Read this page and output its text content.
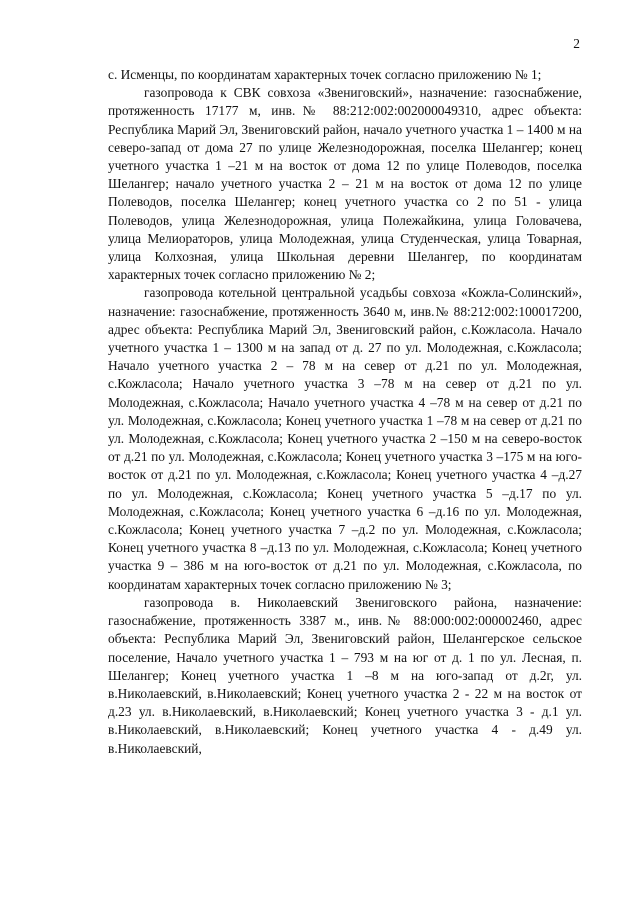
2

с. Исменцы, по координатам характерных точек согласно приложению № 1;

газопровода к СВК совхоза «Звениговский», назначение: газоснабжение, протяженность 17177 м, инв.№ 88:212:002:002000049310, адрес объекта: Республика Марий Эл, Звениговский район, начало учетного участка 1 – 1400 м на северо-запад от дома 27 по улице Железнодорожная, поселка Шелангер; конец учетного участка 1 –21 м на восток от дома 12 по улице Полеводов, поселка Шелангер; начало учетного участка 2 – 21 м на восток от дома 12 по улице Полеводов, поселка Шелангер; конец учетного участка со 2 по 51 - улица Полеводов, улица Железнодорожная, улица Полежайкина, улица Головачева, улица Мелиораторов, улица Молодежная, улица Студенческая, улица Товарная, улица Колхозная, улица Школьная деревни Шелангер, по координатам характерных точек согласно приложению № 2;

газопровода котельной центральной усадьбы совхоза «Кожла-Солинский», назначение: газоснабжение, протяженность 3640 м, инв.№ 88:212:002:100017200, адрес объекта: Республика Марий Эл, Звениговский район, с.Кожласола. Начало учетного участка 1 – 1300 м на запад от д. 27 по ул. Молодежная, с.Кожласола; Начало учетного участка 2 – 78 м на север от д.21 по ул. Молодежная, с.Кожласола; Начало учетного участка 3 –78 м на север от д.21 по ул. Молодежная, с.Кожласола; Начало учетного участка 4 –78 м на север от д.21 по ул. Молодежная, с.Кожласола; Конец учетного участка 1 –78 м на север от д.21 по ул. Молодежная, с.Кожласола; Конец учетного участка 2 –150 м на северо-восток от д.21 по ул. Молодежная, с.Кожласола; Конец учетного участка 3 –175 м на юго-восток от д.21 по ул. Молодежная, с.Кожласола; Конец учетного участка 4 –д.27 по ул. Молодежная, с.Кожласола; Конец учетного участка 5 –д.17 по ул. Молодежная, с.Кожласола; Конец учетного участка 6 –д.16 по ул. Молодежная, с.Кожласола; Конец учетного участка 7 –д.2 по ул. Молодежная, с.Кожласола; Конец учетного участка 8 –д.13 по ул. Молодежная, с.Кожласола; Конец учетного участка 9 – 386 м на юго-восток от д.21 по ул. Молодежная, с.Кожласола, по координатам характерных точек согласно приложению № 3;

газопровода в. Николаевский Звениговского района, назначение: газоснабжение, протяженность 3387 м., инв.№ 88:000:002:000002460, адрес объекта: Республика Марий Эл, Звениговский район, Шелангерское сельское поселение, Начало учетного участка 1 – 793 м на юг от д. 1 по ул. Лесная, п. Шелангер; Конец учетного участка 1 –8 м на юго-запад от д.2г, ул. в.Николаевский, в.Николаевский; Конец учетного участка 2 - 22 м на восток от д.23 ул. в.Николаевский, в.Николаевский; Конец учетного участка 3 - д.1 ул. в.Николаевский, в.Николаевский; Конец учетного участка 4 - д.49 ул. в.Николаевский,
